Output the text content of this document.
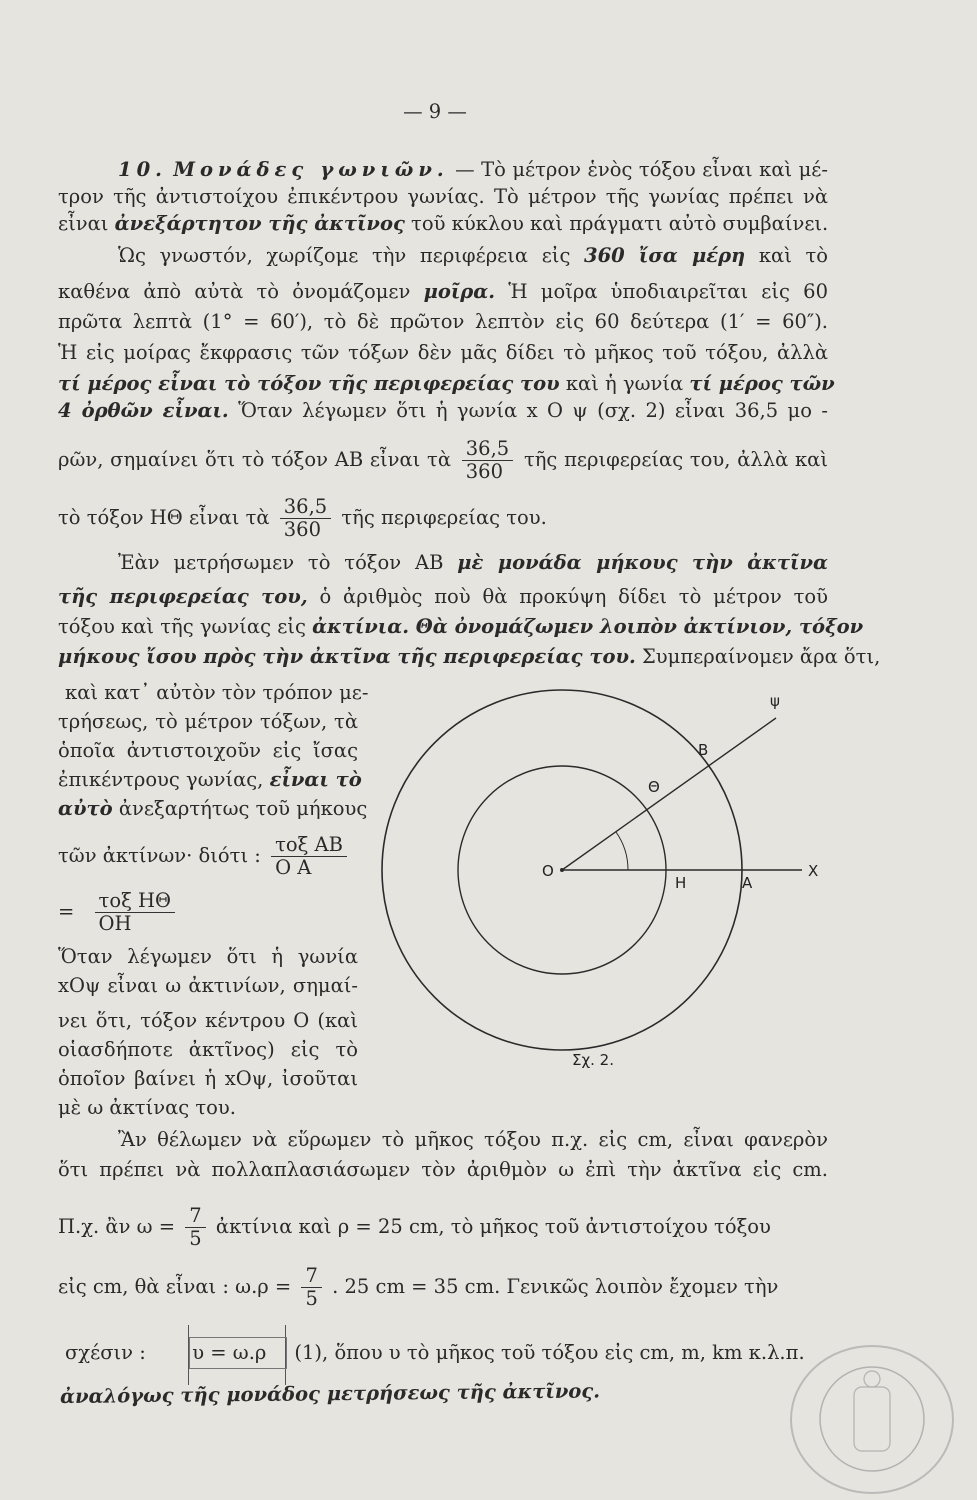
— 9 —
10. Μονάδες γωνιῶν. — Τὸ μέτρον ἑνὸς τόξου εἶναι καὶ μέ-
τρον τῆς ἀντιστοίχου ἐπικέντρου γωνίας. Τὸ μέτρον τῆς γωνίας πρέπει νὰ
εἶναι ἀνεξάρτητον τῆς ἀκτῖνος τοῦ κύκλου καὶ πράγματι αὐτὸ συμβαίνει.
Ὡς γνωστόν, χωρίζομε τὴν περιφέρεια εἰς 360 ἴσα μέρη καὶ τὸ
καθένα ἀπὸ αὐτὰ τὸ ὀνομάζομεν μοῖρα. Ἡ μοῖρα ὑποδιαιρεῖται εἰς 60
πρῶτα λεπτὰ (1° = 60′), τὸ δὲ πρῶτον λεπτὸν εἰς 60 δεύτερα (1′ = 60″).
Ἡ εἰς μοίρας ἔκφρασις τῶν τόξων δὲν μᾶς δίδει τὸ μῆκος τοῦ τόξου, ἀλλὰ
τί μέρος εἶναι τὸ τόξον τῆς περιφερείας του καὶ ἡ γωνία τί μέρος τῶν
4 ὀρθῶν εἶναι. Ὅταν λέγωμεν ὅτι ἡ γωνία x O ψ (σχ. 2) εἶναι 36,5 μο -
ρῶν, σημαίνει ὅτι τὸ τόξον ΑΒ εἶναι τὰ $\frac{36,5}{360}$ τῆς περιφερείας του, ἀλλὰ καὶ
τὸ τόξον ΗΘ εἶναι τὰ $\frac{36,5}{360}$ τῆς περιφερείας του.
Ἐὰν μετρήσωμεν τὸ τόξον ΑΒ μὲ μονάδα μήκους τὴν ἀκτῖνα
τῆς περιφερείας του, ὁ ἀριθμὸς ποὺ θὰ προκύψη δίδει τὸ μέτρον τοῦ
τόξου καὶ τῆς γωνίας εἰς ἀκτίνια. Θὰ ὀνομάζωμεν λοιπὸν ἀκτίνιον, τόξον
μήκους ἴσου πρὸς τὴν ἀκτῖνα τῆς περιφερείας του. Συμπεραίνομεν ἄρα ὅτι,
καὶ κατ᾽ αὐτὸν τὸν τρόπον με-
τρήσεως, τὸ μέτρον τόξων, τὰ
ὁποῖα ἀντιστοιχοῦν εἰς ἴσας
ἐπικέντρους γωνίας, εἶναι τὸ
αὐτὸ ἀνεξαρτήτως τοῦ μήκους
τῶν ἀκτίνων· διότι : $\frac{\text{τοξ ΑΒ}}{\text{Ο Α}}$
= $\frac{\text{τοξ ΗΘ}}{OH}$
Ὅταν λέγωμεν ὅτι ἡ γωνία
xOψ εἶναι ω ἀκτινίων, σημαί-
νει ὅτι, τόξον κέντρου Ο (καὶ
οἱασδήποτε ἀκτῖνος) εἰς τὸ
ὁποῖον βαίνει ἡ xOψ, ἰσοῦται
μὲ ω ἀκτίνας του.
ψ
Β
Θ
Ο
Η	Α
Χ
Σχ. 2.
Ἂν θέλωμεν νὰ εὕρωμεν τὸ μῆκος τόξου π.χ. εἰς cm, εἶναι φανερὸν
ὅτι πρέπει νὰ πολλαπλασιάσωμεν τὸν ἀριθμὸν ω ἐπὶ τὴν ἀκτῖνα εἰς cm.
Π.χ. ἂν $\omega = \frac{7}{5}$ ἀκτίνια καὶ ρ = 25 cm, τὸ μῆκος τοῦ ἀντιστοίχου τόξου
εἰς cm, θὰ εἶναι : $\omega.\rho = \frac{7}{5}$ . 25 cm = 35 cm. Γενικῶς λοιπὸν ἔχομεν τὴν
σχέσιν : υ = ω.ρ (1), ὅπου υ τὸ μῆκος τοῦ τόξου εἰς cm, m, km κ.λ.π.
ἀναλόγως τῆς μονάδος μετρήσεως τῆς ἀκτῖνος.
